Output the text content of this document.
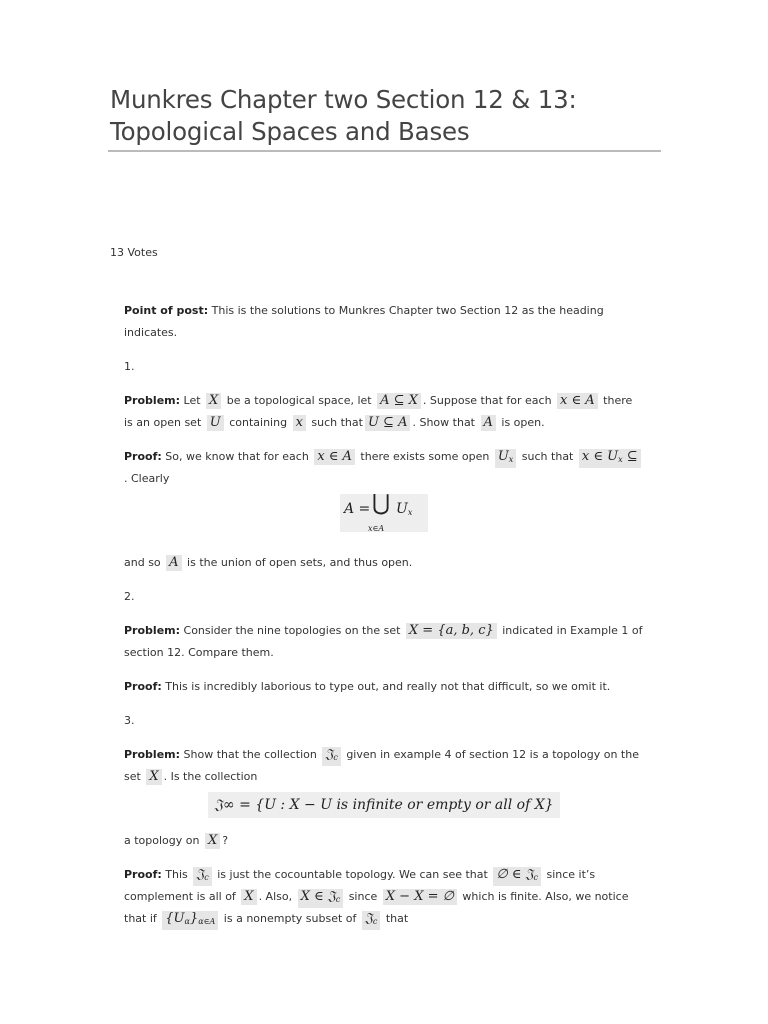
Munkres Chapter two Section 12 & 13:
Topological Spaces and Bases
13 Votes

Point of post: This is the solutions to Munkres Chapter two Section 12 as the heading indicates.

1.

Problem: Let X be a topological space, let A ⊆ X . Suppose that for each x ∈ A there is an open set U containing x such that U ⊆ A . Show that A is open.

Proof: So, we know that for each x ∈ A there exists some open $U_x$ such that x ∈ $U_x$ ⊆. Clearly

A = ⋃ $U_x$
x∈A

and so A is the union of open sets, and thus open.

2.

Problem: Consider the nine topologies on the set X = {a, b, c} indicated in Example 1 of section 12. Compare them.

Proof: This is incredibly laborious to type out, and really not that difficult, so we omit it.

3.

Problem: Show that the collection 𝔍$_c$ given in example 4 of section 12 is a topology on the set X . Is the collection

𝔍∞ = {U : X − U is infinite or empty or all of X}

a topology on X ?

Proof: This 𝔍$_c$ is just the cocountable topology. We can see that ∅ ∈ 𝔍$_c$ since it’s complement is all of X . Also, X ∈ 𝔍$_c$ since X − X = ∅ which is finite. Also, we notice that if $\{U_\alpha\}_{\alpha\in A}$ is a nonempty subset of 𝔍$_c$ that
